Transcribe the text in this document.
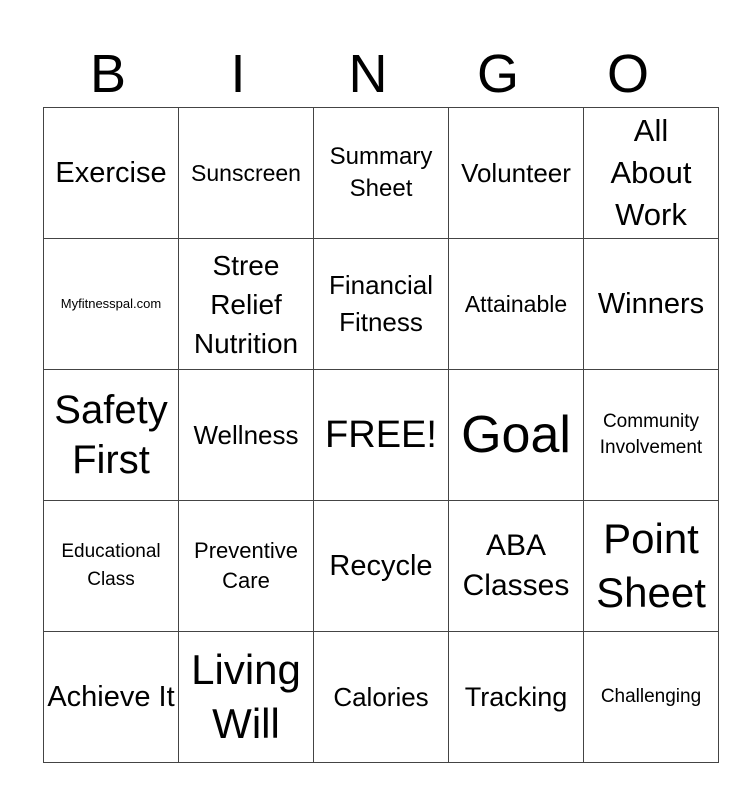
B	I	N	G	O
Exercise	Sunscreen	Summary Sheet	Volunteer	All About Work

Myfitnesspal.com	Stree Relief Nutrition	Financial Fitness	Attainable	Winners

Safety First	Wellness	FREE!	Goal	Community Involvement

Educational Class	Preventive Care	Recycle	ABA Classes	Point Sheet

Achieve It	Living Will	Calories	Tracking	Challenging
